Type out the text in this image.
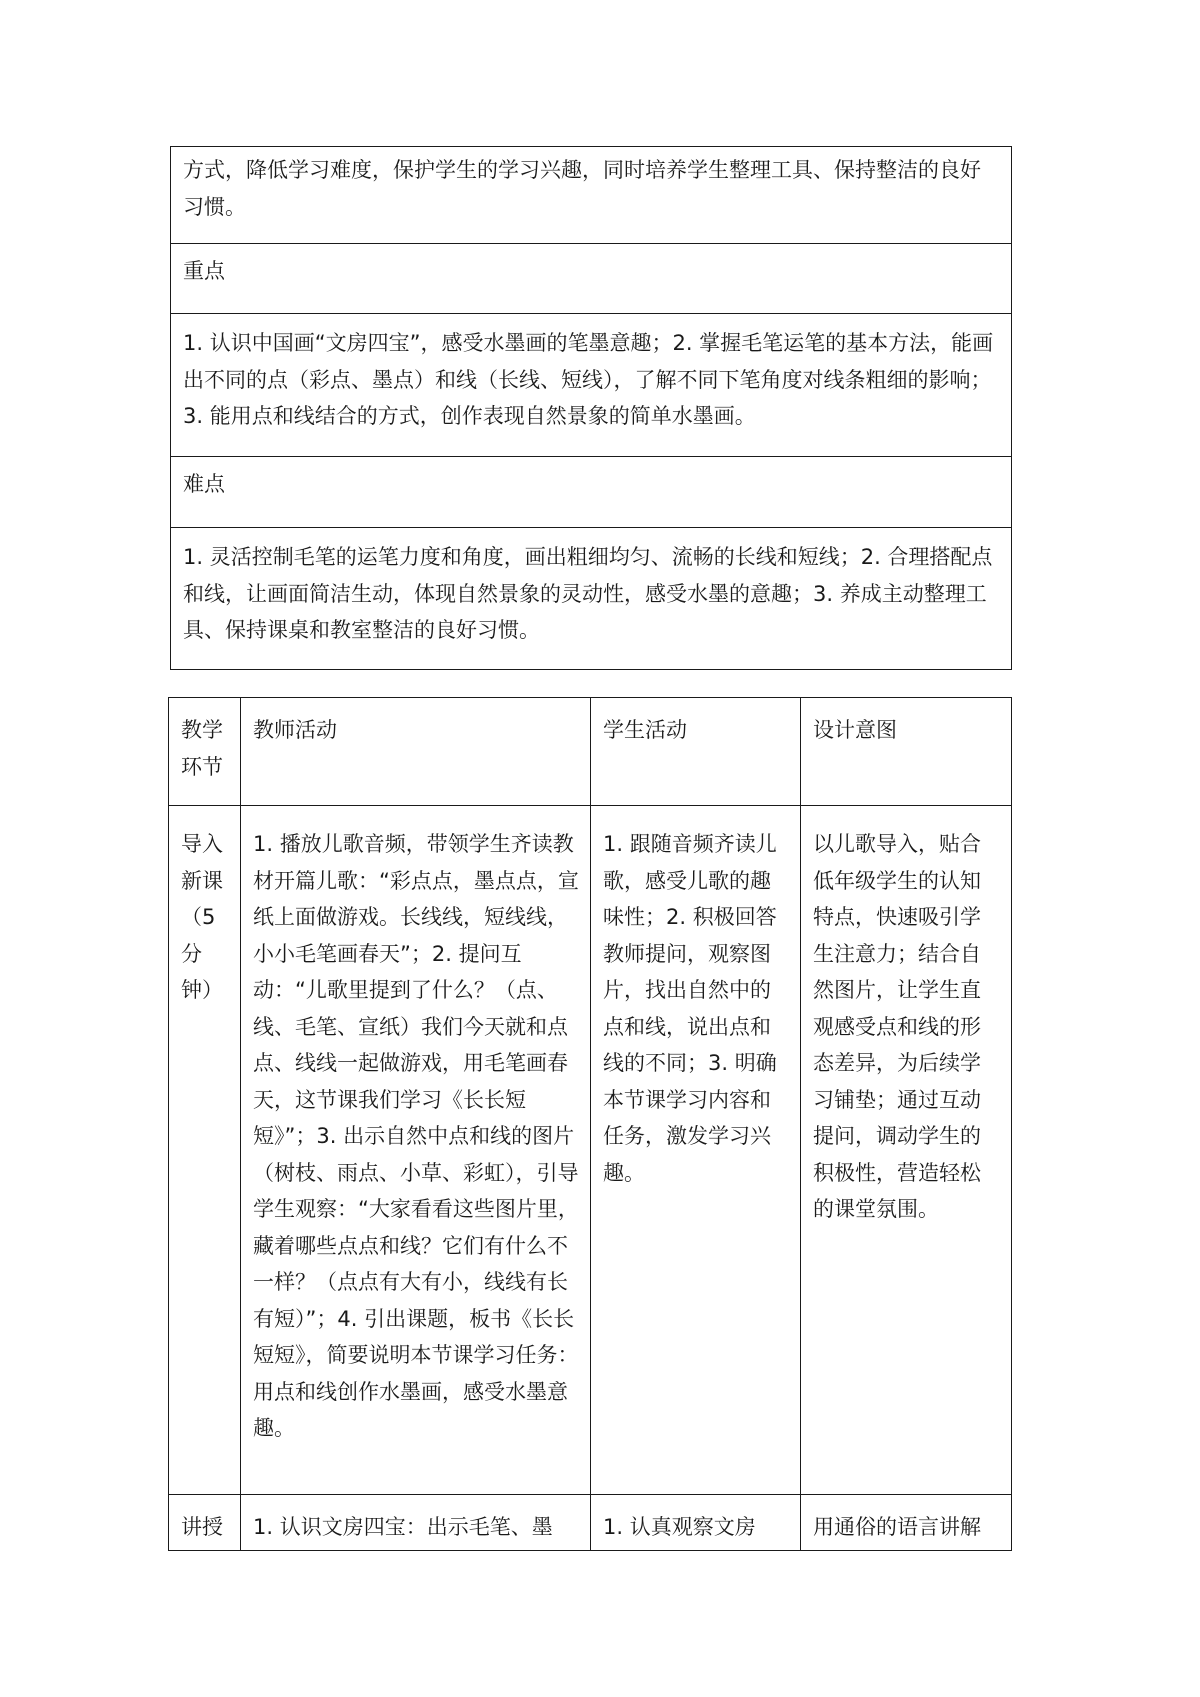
方式，降低学习难度，保护学生的学习兴趣，同时培养学生整理工具、保持整洁的良好习惯。
重点
1. 认识中国画“文房四宝”，感受水墨画的笔墨意趣；2. 掌握毛笔运笔的基本方法，能画出不同的点（彩点、墨点）和线（长线、短线），了解不同下笔角度对线条粗细的影响；3. 能用点和线结合的方式，创作表现自然景象的简单水墨画。
难点
1. 灵活控制毛笔的运笔力度和角度，画出粗细均匀、流畅的长线和短线；2. 合理搭配点和线，让画面简洁生动，体现自然景象的灵动性，感受水墨的意趣；3. 养成主动整理工具、保持课桌和教室整洁的良好习惯。
教学环节	教师活动	学生活动	设计意图

导入新课（5分钟）	1. 播放儿歌音频，带领学生齐读教材开篇儿歌：“彩点点，墨点点，宣纸上面做游戏。长线线，短线线，小小毛笔画春天”；2. 提问互动：“儿歌里提到了什么？（点、线、毛笔、宣纸）我们今天就和点点、线线一起做游戏，用毛笔画春天，这节课我们学习《长长短短》”；3. 出示自然中点和线的图片（树枝、雨点、小草、彩虹），引导学生观察：“大家看看这些图片里，藏着哪些点点和线？它们有什么不一样？（点点有大有小，线线有长有短）”；4. 引出课题，板书《长长短短》，简要说明本节课学习任务：用点和线创作水墨画，感受水墨意趣。	1. 跟随音频齐读儿歌，感受儿歌的趣味性；2. 积极回答教师提问，观察图片，找出自然中的点和线，说出点和线的不同；3. 明确本节课学习内容和任务，激发学习兴趣。	以儿歌导入，贴合低年级学生的认知特点，快速吸引学生注意力；结合自然图片，让学生直观感受点和线的形态差异，为后续学习铺垫；通过互动提问，调动学生的积极性，营造轻松的课堂氛围。

讲授	1. 认识文房四宝：出示毛笔、墨	1. 认真观察文房	用通俗的语言讲解
